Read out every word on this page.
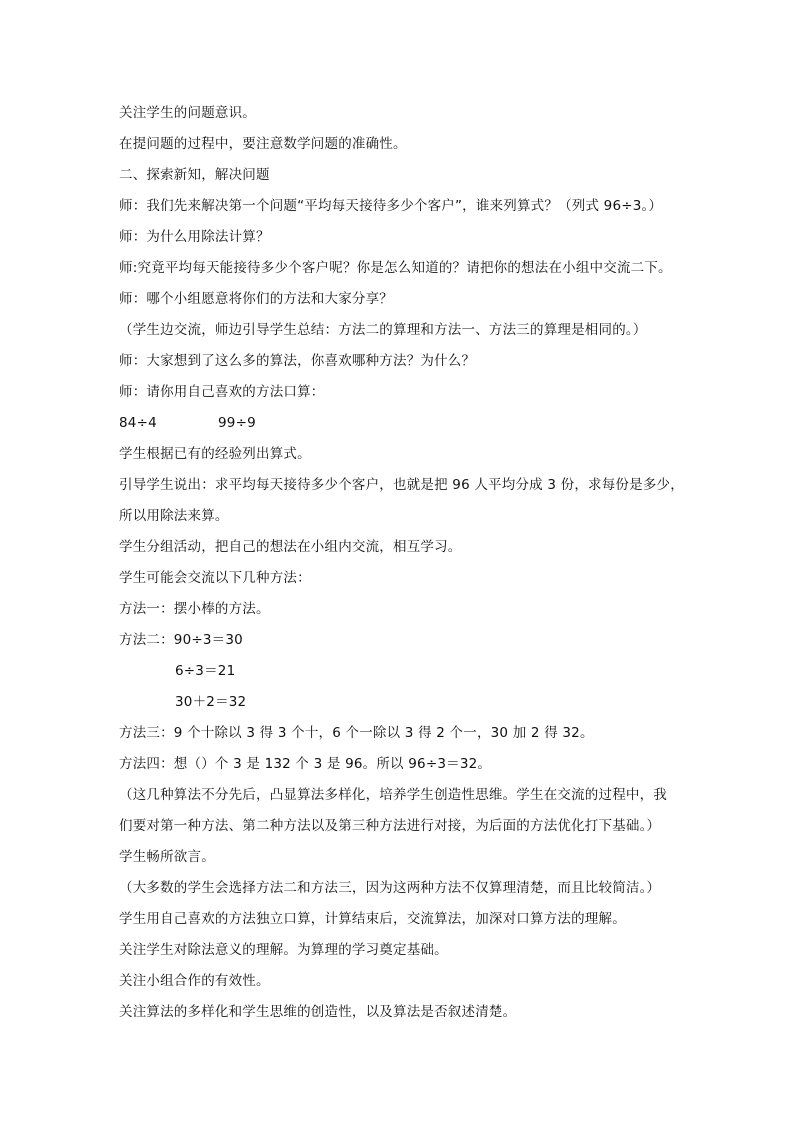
关注学生的问题意识。
在提问题的过程中，要注意数学问题的准确性。
二、探索新知，解决问题
师：我们先来解决第一个问题“平均每天接待多少个客户”，谁来列算式？（列式 96÷3。）
师：为什么用除法计算？
师:究竟平均每天能接待多少个客户呢？你是怎么知道的？请把你的想法在小组中交流二下。
师：哪个小组愿意将你们的方法和大家分享？
（学生边交流，师边引导学生总结：方法二的算理和方法一、方法三的算理是相同的。）
师：大家想到了这么多的算法，你喜欢哪种方法？为什么？
师：请你用自己喜欢的方法口算：
84÷4	99÷9
学生根据已有的经验列出算式。
引导学生说出：求平均每天接待多少个客户，也就是把 96 人平均分成 3 份，求每份是多少，
所以用除法来算。
学生分组活动，把自己的想法在小组内交流，相互学习。
学生可能会交流以下几种方法：
方法一：摆小棒的方法。
方法二：90÷3＝30
6÷3＝21
30＋2＝32
方法三：9 个十除以 3 得 3 个十，6 个一除以 3 得 2 个一，30 加 2 得 32。
方法四：想（）个 3 是 132 个 3 是 96。所以 96÷3＝32。
（这几种算法不分先后，凸显算法多样化，培养学生创造性思维。学生在交流的过程中，我
们要对第一种方法、第二种方法以及第三种方法进行对接，为后面的方法优化打下基础。）
学生畅所欲言。
（大多数的学生会选择方法二和方法三，因为这两种方法不仅算理清楚，而且比较简洁。）
学生用自己喜欢的方法独立口算，计算结束后，交流算法，加深对口算方法的理解。
关注学生对除法意义的理解。为算理的学习奠定基础。
关注小组合作的有效性。
关注算法的多样化和学生思维的创造性，以及算法是否叙述清楚。
